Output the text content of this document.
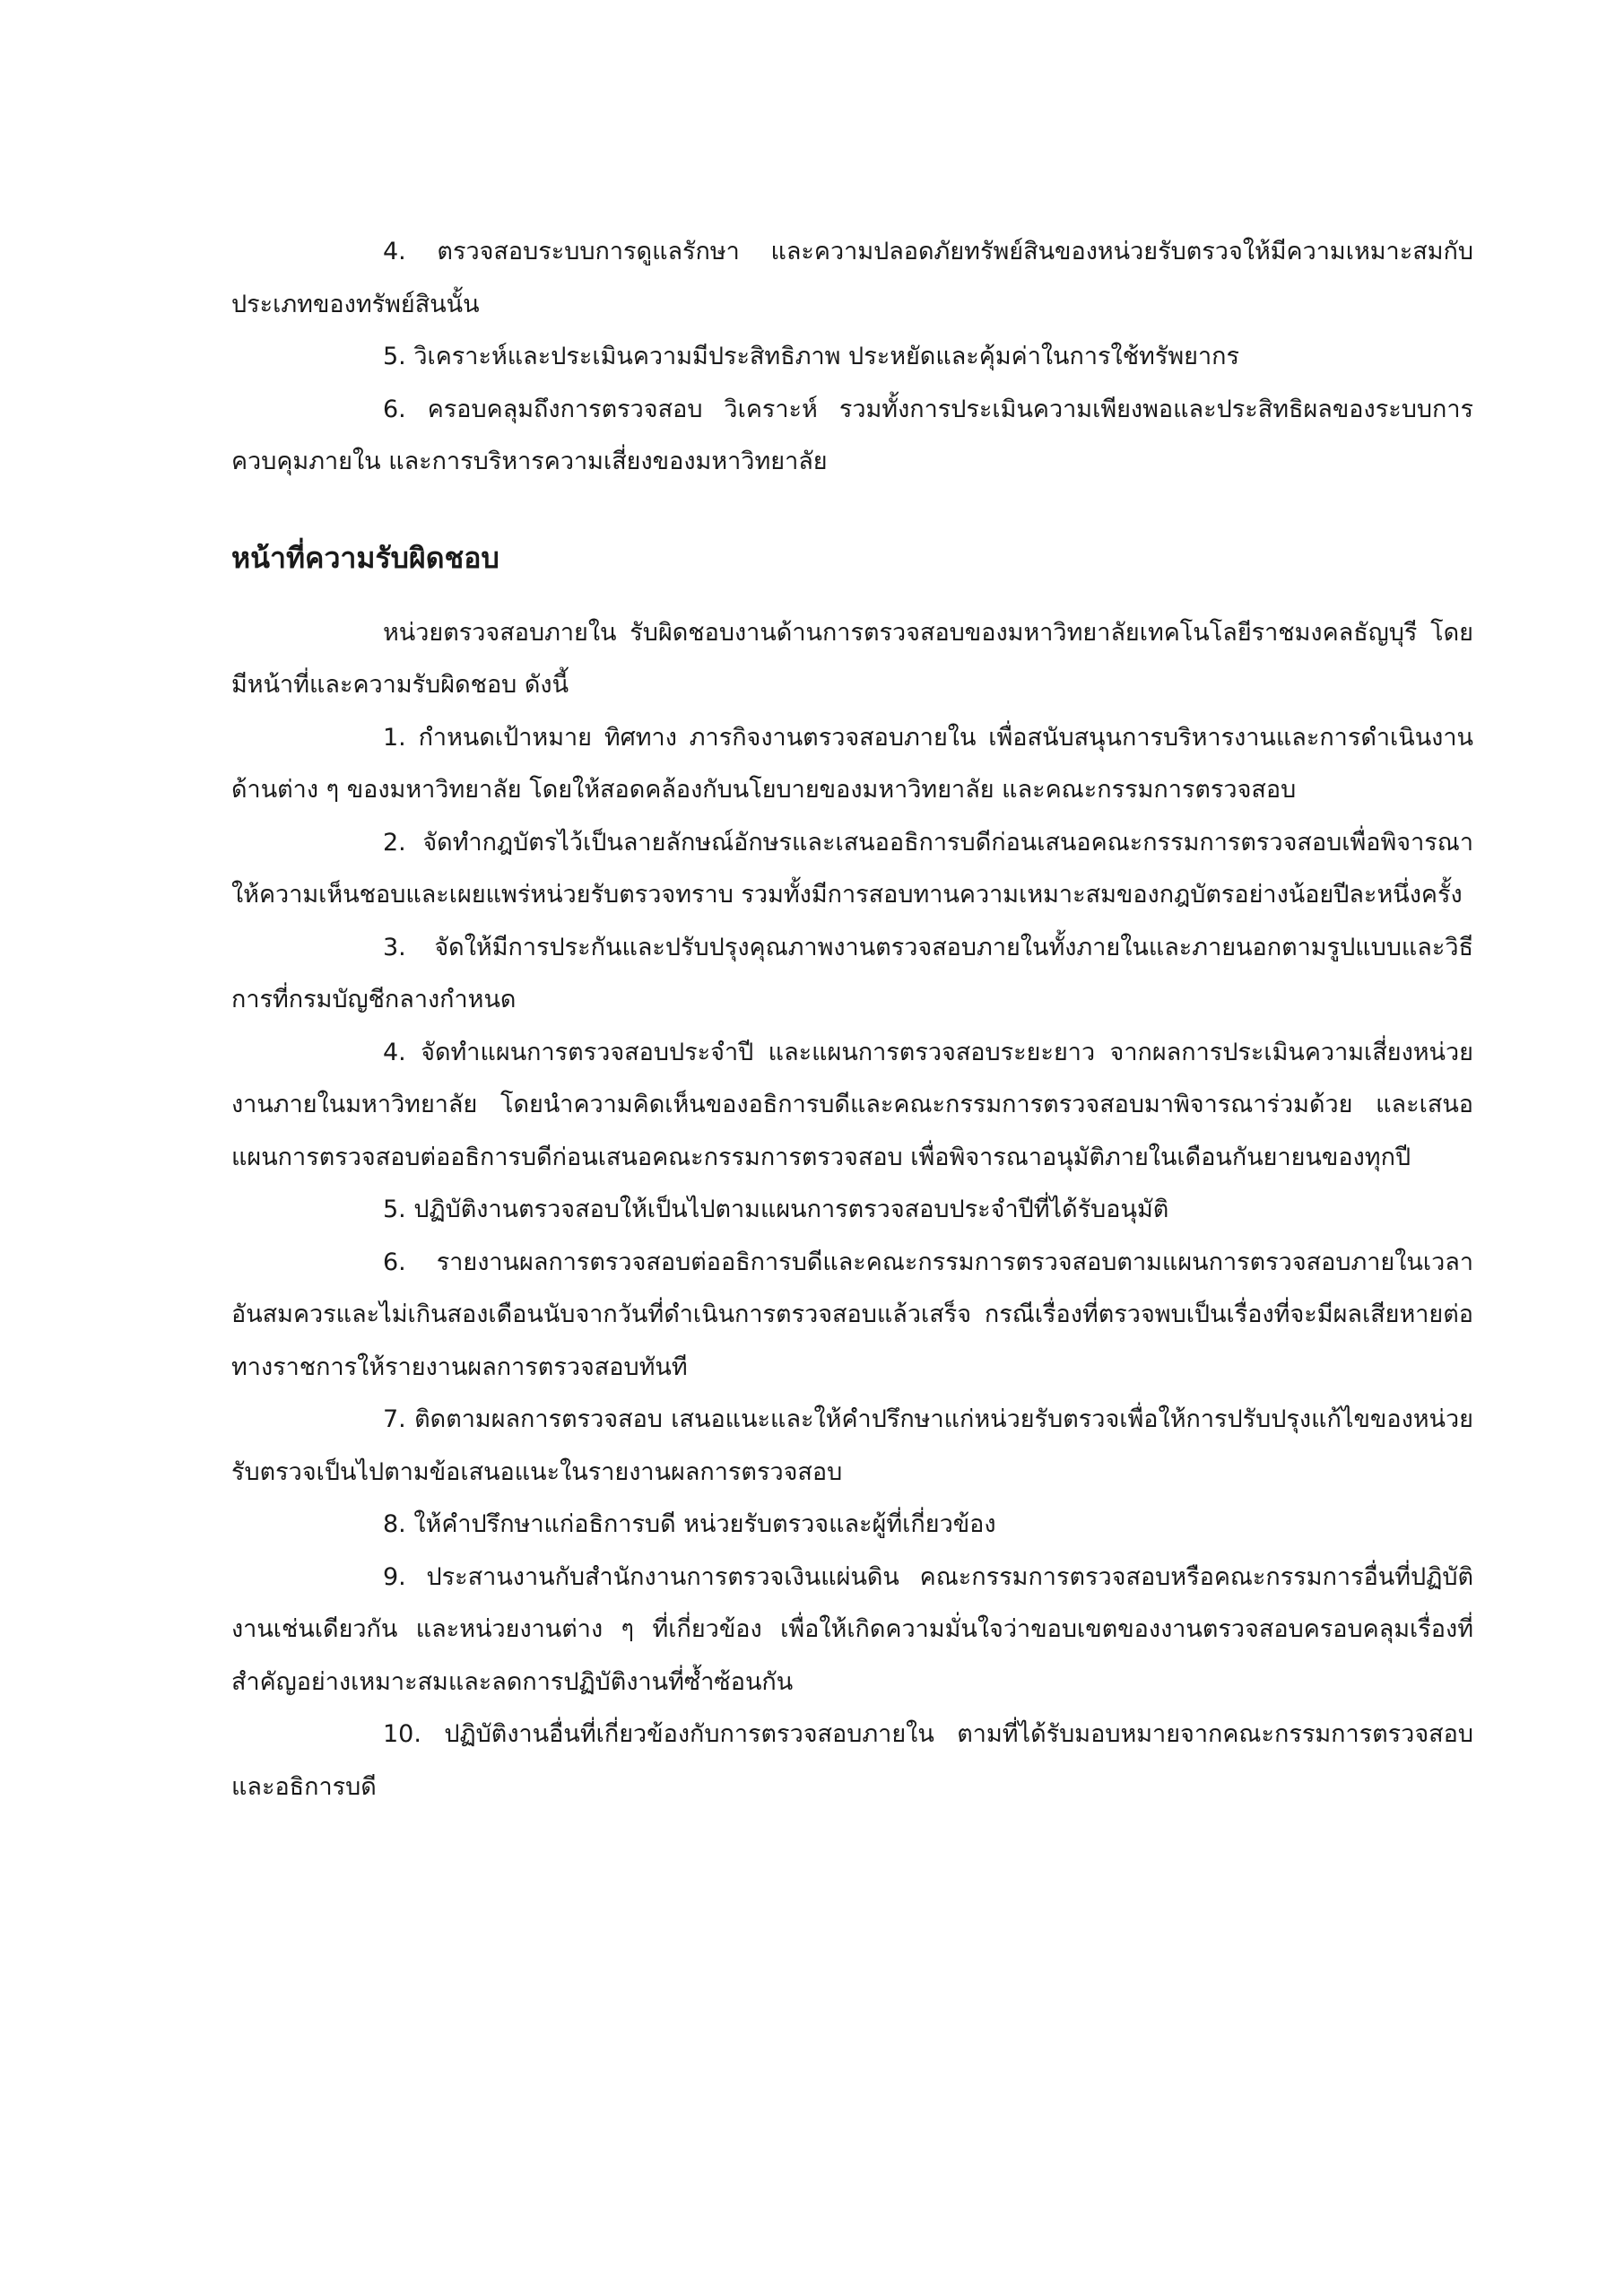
4. ตรวจสอบระบบการดูแลรักษา และความปลอดภัยทรัพย์สินของหน่วยรับตรวจให้มีความเหมาะสมกับประเภทของทรัพย์สินนั้น

5. วิเคราะห์และประเมินความมีประสิทธิภาพ ประหยัดและคุ้มค่าในการใช้ทรัพยากร

6. ครอบคลุมถึงการตรวจสอบ วิเคราะห์ รวมทั้งการประเมินความเพียงพอและประสิทธิผลของระบบการควบคุมภายใน และการบริหารความเสี่ยงของมหาวิทยาลัย

หน้าที่ความรับผิดชอบ

หน่วยตรวจสอบภายใน รับผิดชอบงานด้านการตรวจสอบของมหาวิทยาลัยเทคโนโลยีราชมงคลธัญบุรี โดยมีหน้าที่และความรับผิดชอบ ดังนี้

1. กำหนดเป้าหมาย ทิศทาง ภารกิจงานตรวจสอบภายใน เพื่อสนับสนุนการบริหารงานและการดำเนินงานด้านต่าง ๆ ของมหาวิทยาลัย โดยให้สอดคล้องกับนโยบายของมหาวิทยาลัย และคณะกรรมการตรวจสอบ

2. จัดทำกฎบัตรไว้เป็นลายลักษณ์อักษรและเสนออธิการบดีก่อนเสนอคณะกรรมการตรวจสอบเพื่อพิจารณาให้ความเห็นชอบและเผยแพร่หน่วยรับตรวจทราบ รวมทั้งมีการสอบทานความเหมาะสมของกฎบัตรอย่างน้อยปีละหนึ่งครั้ง

3. จัดให้มีการประกันและปรับปรุงคุณภาพงานตรวจสอบภายในทั้งภายในและภายนอกตามรูปแบบและวิธีการที่กรมบัญชีกลางกำหนด

4. จัดทำแผนการตรวจสอบประจำปี และแผนการตรวจสอบระยะยาว จากผลการประเมินความเสี่ยงหน่วยงานภายในมหาวิทยาลัย โดยนำความคิดเห็นของอธิการบดีและคณะกรรมการตรวจสอบมาพิจารณาร่วมด้วย และเสนอแผนการตรวจสอบต่ออธิการบดีก่อนเสนอคณะกรรมการตรวจสอบ เพื่อพิจารณาอนุมัติภายในเดือนกันยายนของทุกปี

5. ปฏิบัติงานตรวจสอบให้เป็นไปตามแผนการตรวจสอบประจำปีที่ได้รับอนุมัติ

6. รายงานผลการตรวจสอบต่ออธิการบดีและคณะกรรมการตรวจสอบตามแผนการตรวจสอบภายในเวลาอันสมควรและไม่เกินสองเดือนนับจากวันที่ดำเนินการตรวจสอบแล้วเสร็จ กรณีเรื่องที่ตรวจพบเป็นเรื่องที่จะมีผลเสียหายต่อทางราชการให้รายงานผลการตรวจสอบทันที

7. ติดตามผลการตรวจสอบ เสนอแนะและให้คำปรึกษาแก่หน่วยรับตรวจเพื่อให้การปรับปรุงแก้ไขของหน่วยรับตรวจเป็นไปตามข้อเสนอแนะในรายงานผลการตรวจสอบ

8. ให้คำปรึกษาแก่อธิการบดี หน่วยรับตรวจและผู้ที่เกี่ยวข้อง

9. ประสานงานกับสำนักงานการตรวจเงินแผ่นดิน คณะกรรมการตรวจสอบหรือคณะกรรมการอื่นที่ปฏิบัติงานเช่นเดียวกัน และหน่วยงานต่าง ๆ ที่เกี่ยวข้อง เพื่อให้เกิดความมั่นใจว่าขอบเขตของงานตรวจสอบครอบคลุมเรื่องที่สำคัญอย่างเหมาะสมและลดการปฏิบัติงานที่ซ้ำซ้อนกัน

10. ปฏิบัติงานอื่นที่เกี่ยวข้องกับการตรวจสอบภายใน ตามที่ได้รับมอบหมายจากคณะกรรมการตรวจสอบและอธิการบดี
